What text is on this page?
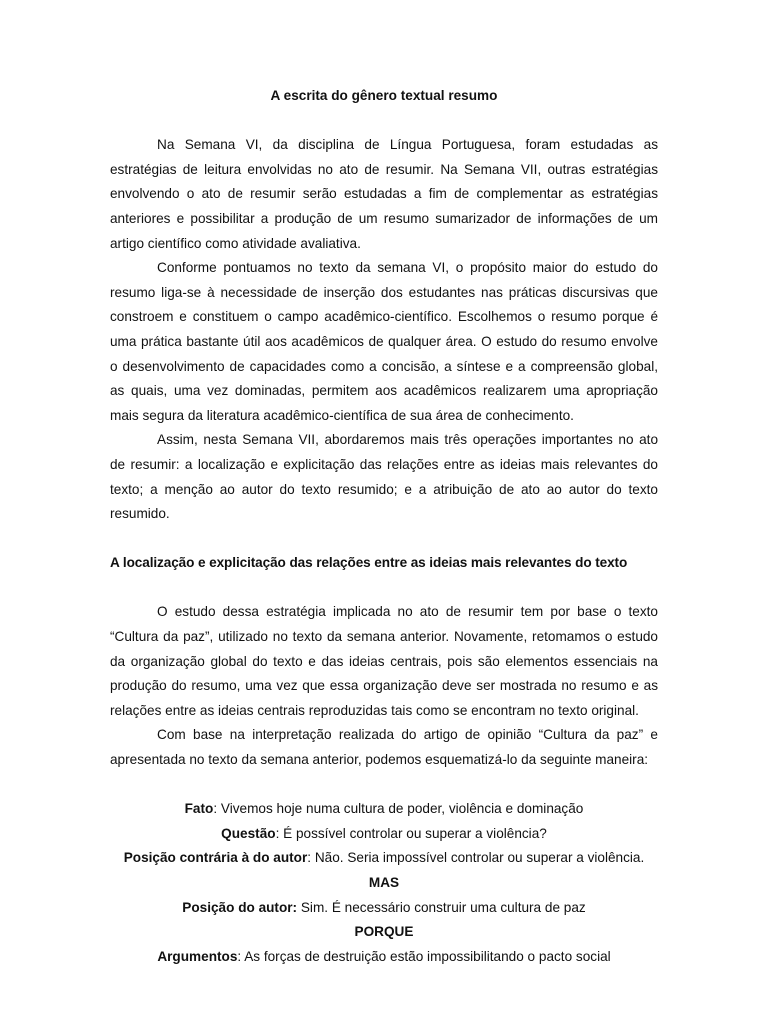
A escrita do gênero textual resumo

Na Semana VI, da disciplina de Língua Portuguesa, foram estudadas as estratégias de leitura envolvidas no ato de resumir. Na Semana VII, outras estratégias envolvendo o ato de resumir serão estudadas a fim de complementar as estratégias anteriores e possibilitar a produção de um resumo sumarizador de informações de um artigo científico como atividade avaliativa.

Conforme pontuamos no texto da semana VI, o propósito maior do estudo do resumo liga-se à necessidade de inserção dos estudantes nas práticas discursivas que constroem e constituem o campo acadêmico-científico. Escolhemos o resumo porque é uma prática bastante útil aos acadêmicos de qualquer área. O estudo do resumo envolve o desenvolvimento de capacidades como a concisão, a síntese e a compreensão global, as quais, uma vez dominadas, permitem aos acadêmicos realizarem uma apropriação mais segura da literatura acadêmico-científica de sua área de conhecimento.

Assim, nesta Semana VII, abordaremos mais três operações importantes no ato de resumir: a localização e explicitação das relações entre as ideias mais relevantes do texto; a menção ao autor do texto resumido; e a atribuição de ato ao autor do texto resumido.

A localização e explicitação das relações entre as ideias mais relevantes do texto

O estudo dessa estratégia implicada no ato de resumir tem por base o texto “Cultura da paz”, utilizado no texto da semana anterior. Novamente, retomamos o estudo da organização global do texto e das ideias centrais, pois são elementos essenciais na produção do resumo, uma vez que essa organização deve ser mostrada no resumo e as relações entre as ideias centrais reproduzidas tais como se encontram no texto original.

Com base na interpretação realizada do artigo de opinião “Cultura da paz” e apresentada no texto da semana anterior, podemos esquematizá-lo da seguinte maneira:

Fato: Vivemos hoje numa cultura de poder, violência e dominação

Questão: É possível controlar ou superar a violência?

Posição contrária à do autor: Não. Seria impossível controlar ou superar a violência.

MAS

Posição do autor: Sim. É necessário construir uma cultura de paz

PORQUE

Argumentos: As forças de destruição estão impossibilitando o pacto social
